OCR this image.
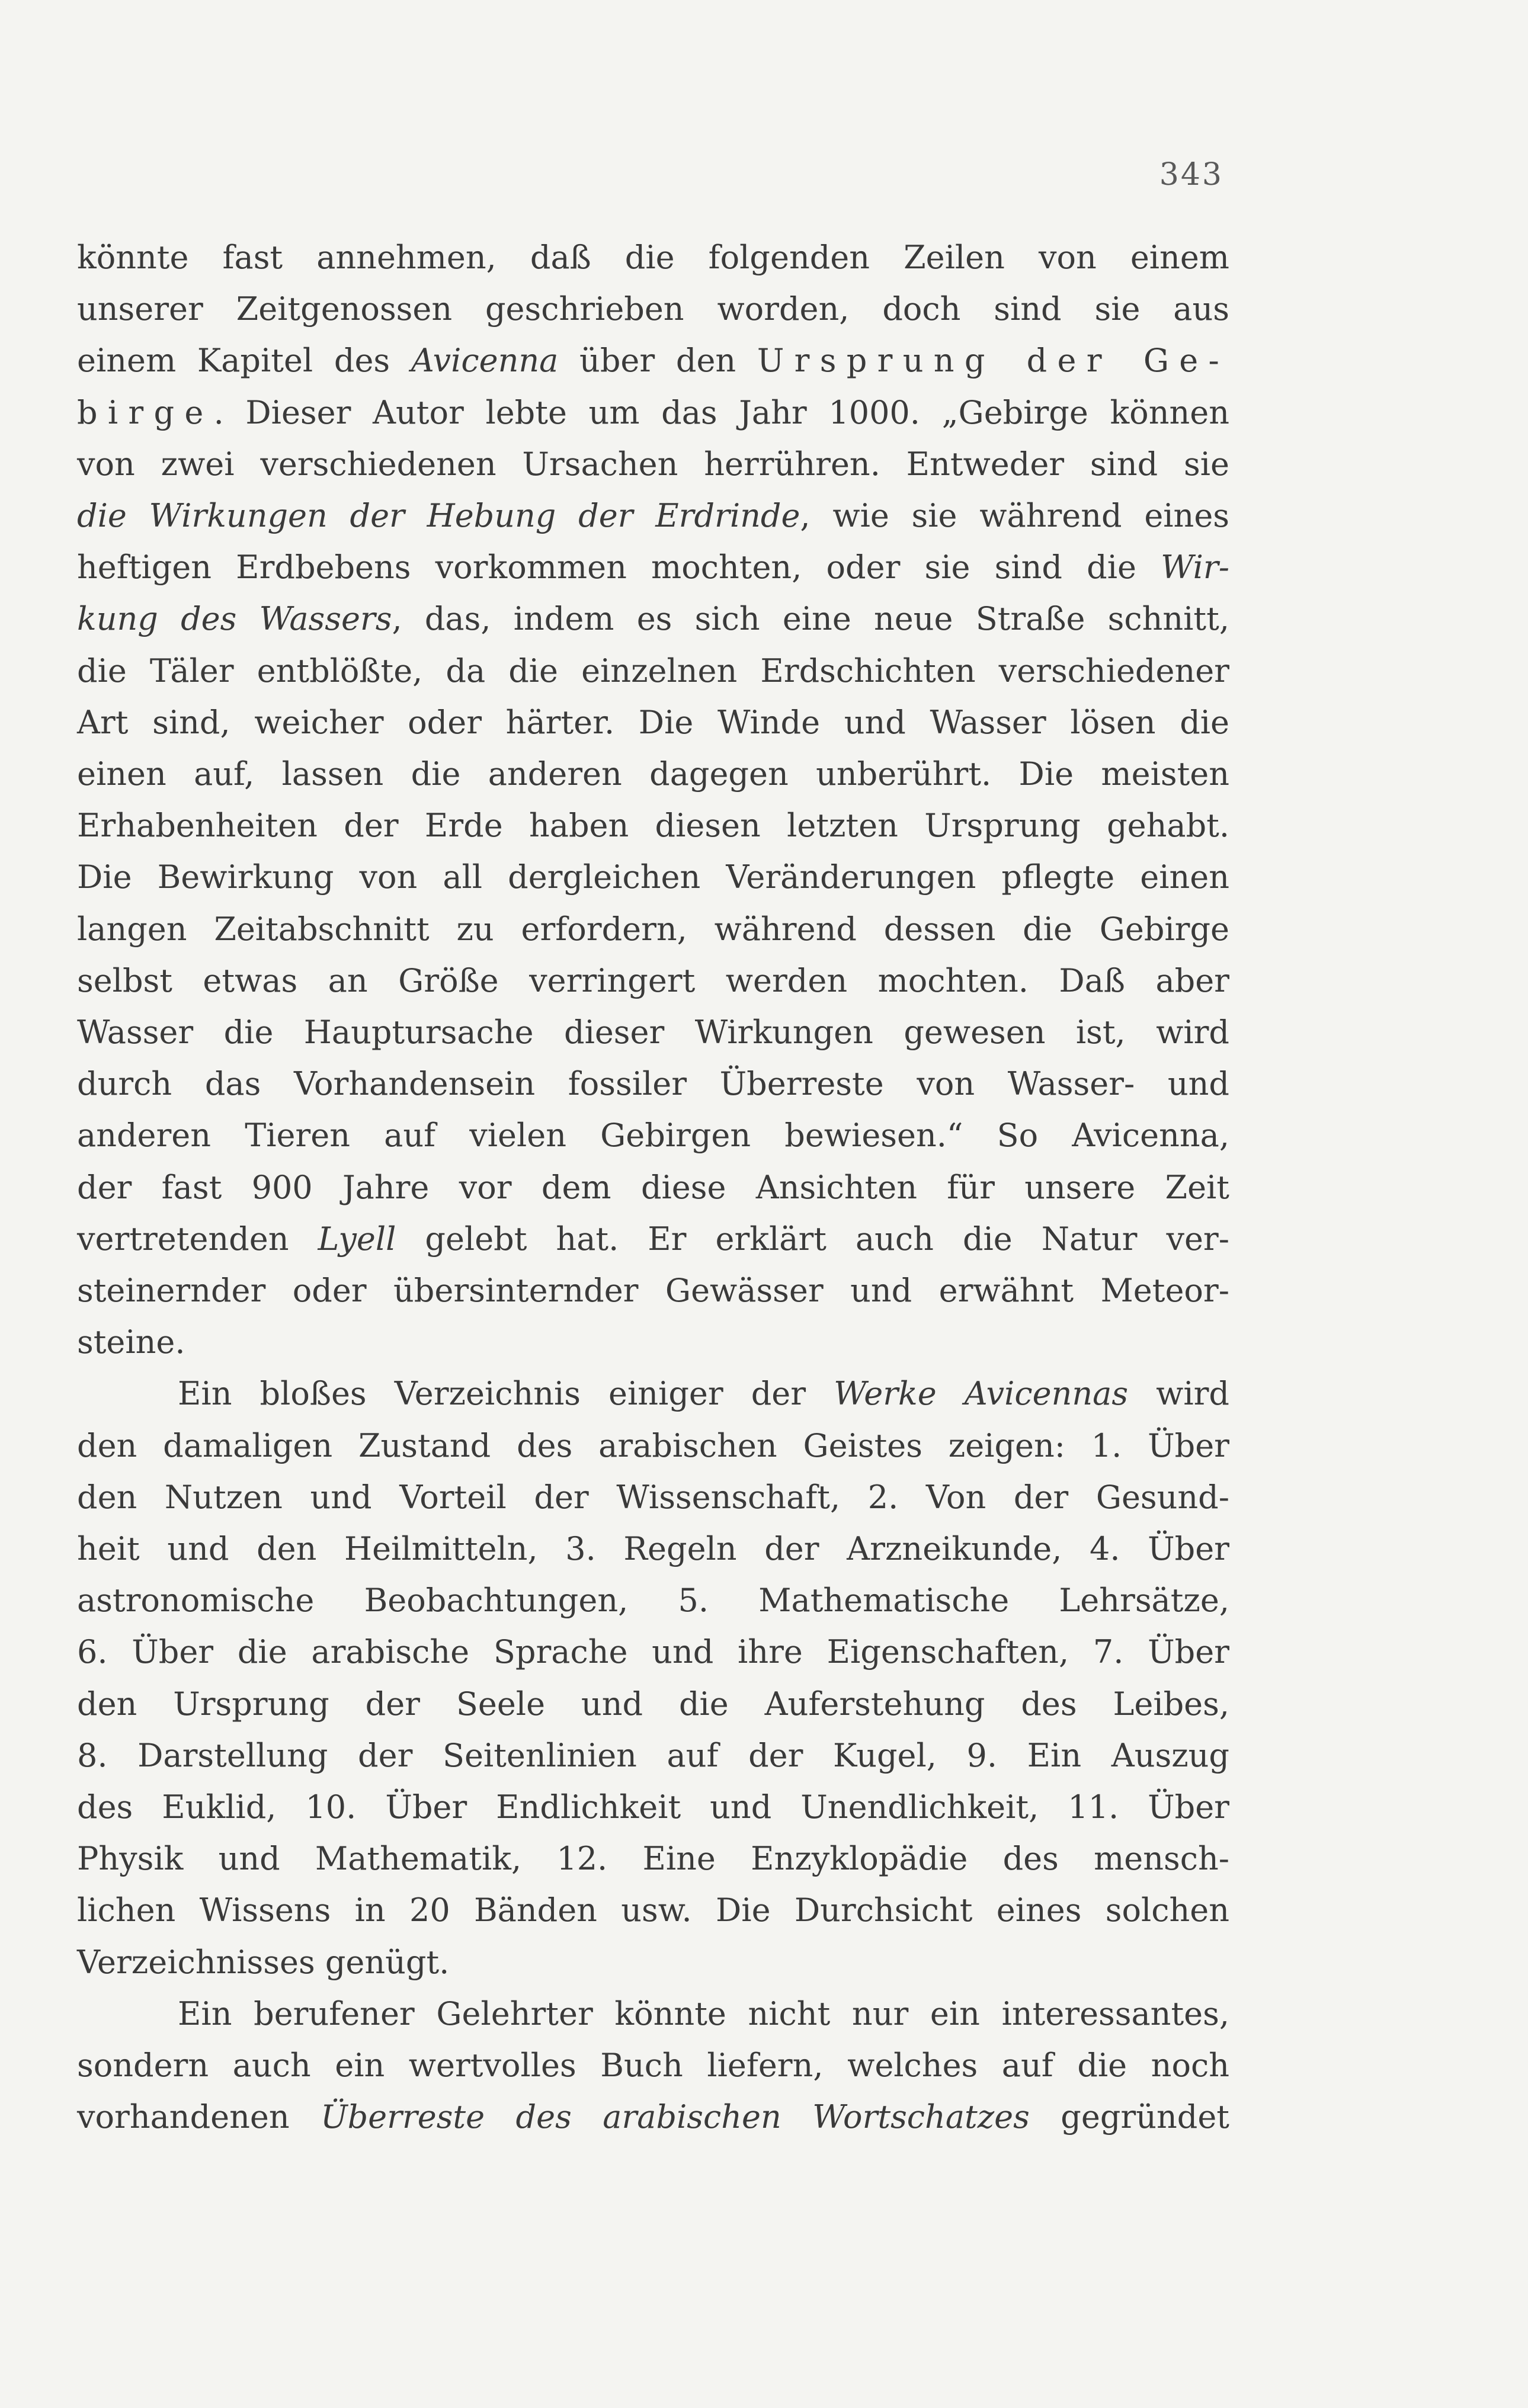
343
könnte fast annehmen, daß die folgenden Zeilen von einem
unserer Zeitgenossen geschrieben worden, doch sind sie aus
einem Kapitel des Avicenna über den Ursprung der Ge-
birge. Dieser Autor lebte um das Jahr 1000. „Gebirge können
von zwei verschiedenen Ursachen herrühren. Entweder sind sie
die Wirkungen der Hebung der Erdrinde, wie sie während eines
heftigen Erdbebens vorkommen mochten, oder sie sind die Wir-
kung des Wassers, das, indem es sich eine neue Straße schnitt,
die Täler entblößte, da die einzelnen Erdschichten verschiedener
Art sind, weicher oder härter. Die Winde und Wasser lösen die
einen auf, lassen die anderen dagegen unberührt. Die meisten
Erhabenheiten der Erde haben diesen letzten Ursprung gehabt.
Die Bewirkung von all dergleichen Veränderungen pflegte einen
langen Zeitabschnitt zu erfordern, während dessen die Gebirge
selbst etwas an Größe verringert werden mochten. Daß aber
Wasser die Hauptursache dieser Wirkungen gewesen ist, wird
durch das Vorhandensein fossiler Überreste von Wasser- und
anderen Tieren auf vielen Gebirgen bewiesen.“ So Avicenna,
der fast 900 Jahre vor dem diese Ansichten für unsere Zeit
vertretenden Lyell gelebt hat. Er erklärt auch die Natur ver-
steinernder oder übersinternder Gewässer und erwähnt Meteor-
steine.
Ein bloßes Verzeichnis einiger der Werke Avicennas wird
den damaligen Zustand des arabischen Geistes zeigen: 1. Über
den Nutzen und Vorteil der Wissenschaft, 2. Von der Gesund-
heit und den Heilmitteln, 3. Regeln der Arzneikunde, 4. Über
astronomische Beobachtungen, 5. Mathematische Lehrsätze,
6. Über die arabische Sprache und ihre Eigenschaften, 7. Über
den Ursprung der Seele und die Auferstehung des Leibes,
8. Darstellung der Seitenlinien auf der Kugel, 9. Ein Auszug
des Euklid, 10. Über Endlichkeit und Unendlichkeit, 11. Über
Physik und Mathematik, 12. Eine Enzyklopädie des mensch-
lichen Wissens in 20 Bänden usw. Die Durchsicht eines solchen
Verzeichnisses genügt.
Ein berufener Gelehrter könnte nicht nur ein interessantes,
sondern auch ein wertvolles Buch liefern, welches auf die noch
vorhandenen Überreste des arabischen Wortschatzes gegründet
